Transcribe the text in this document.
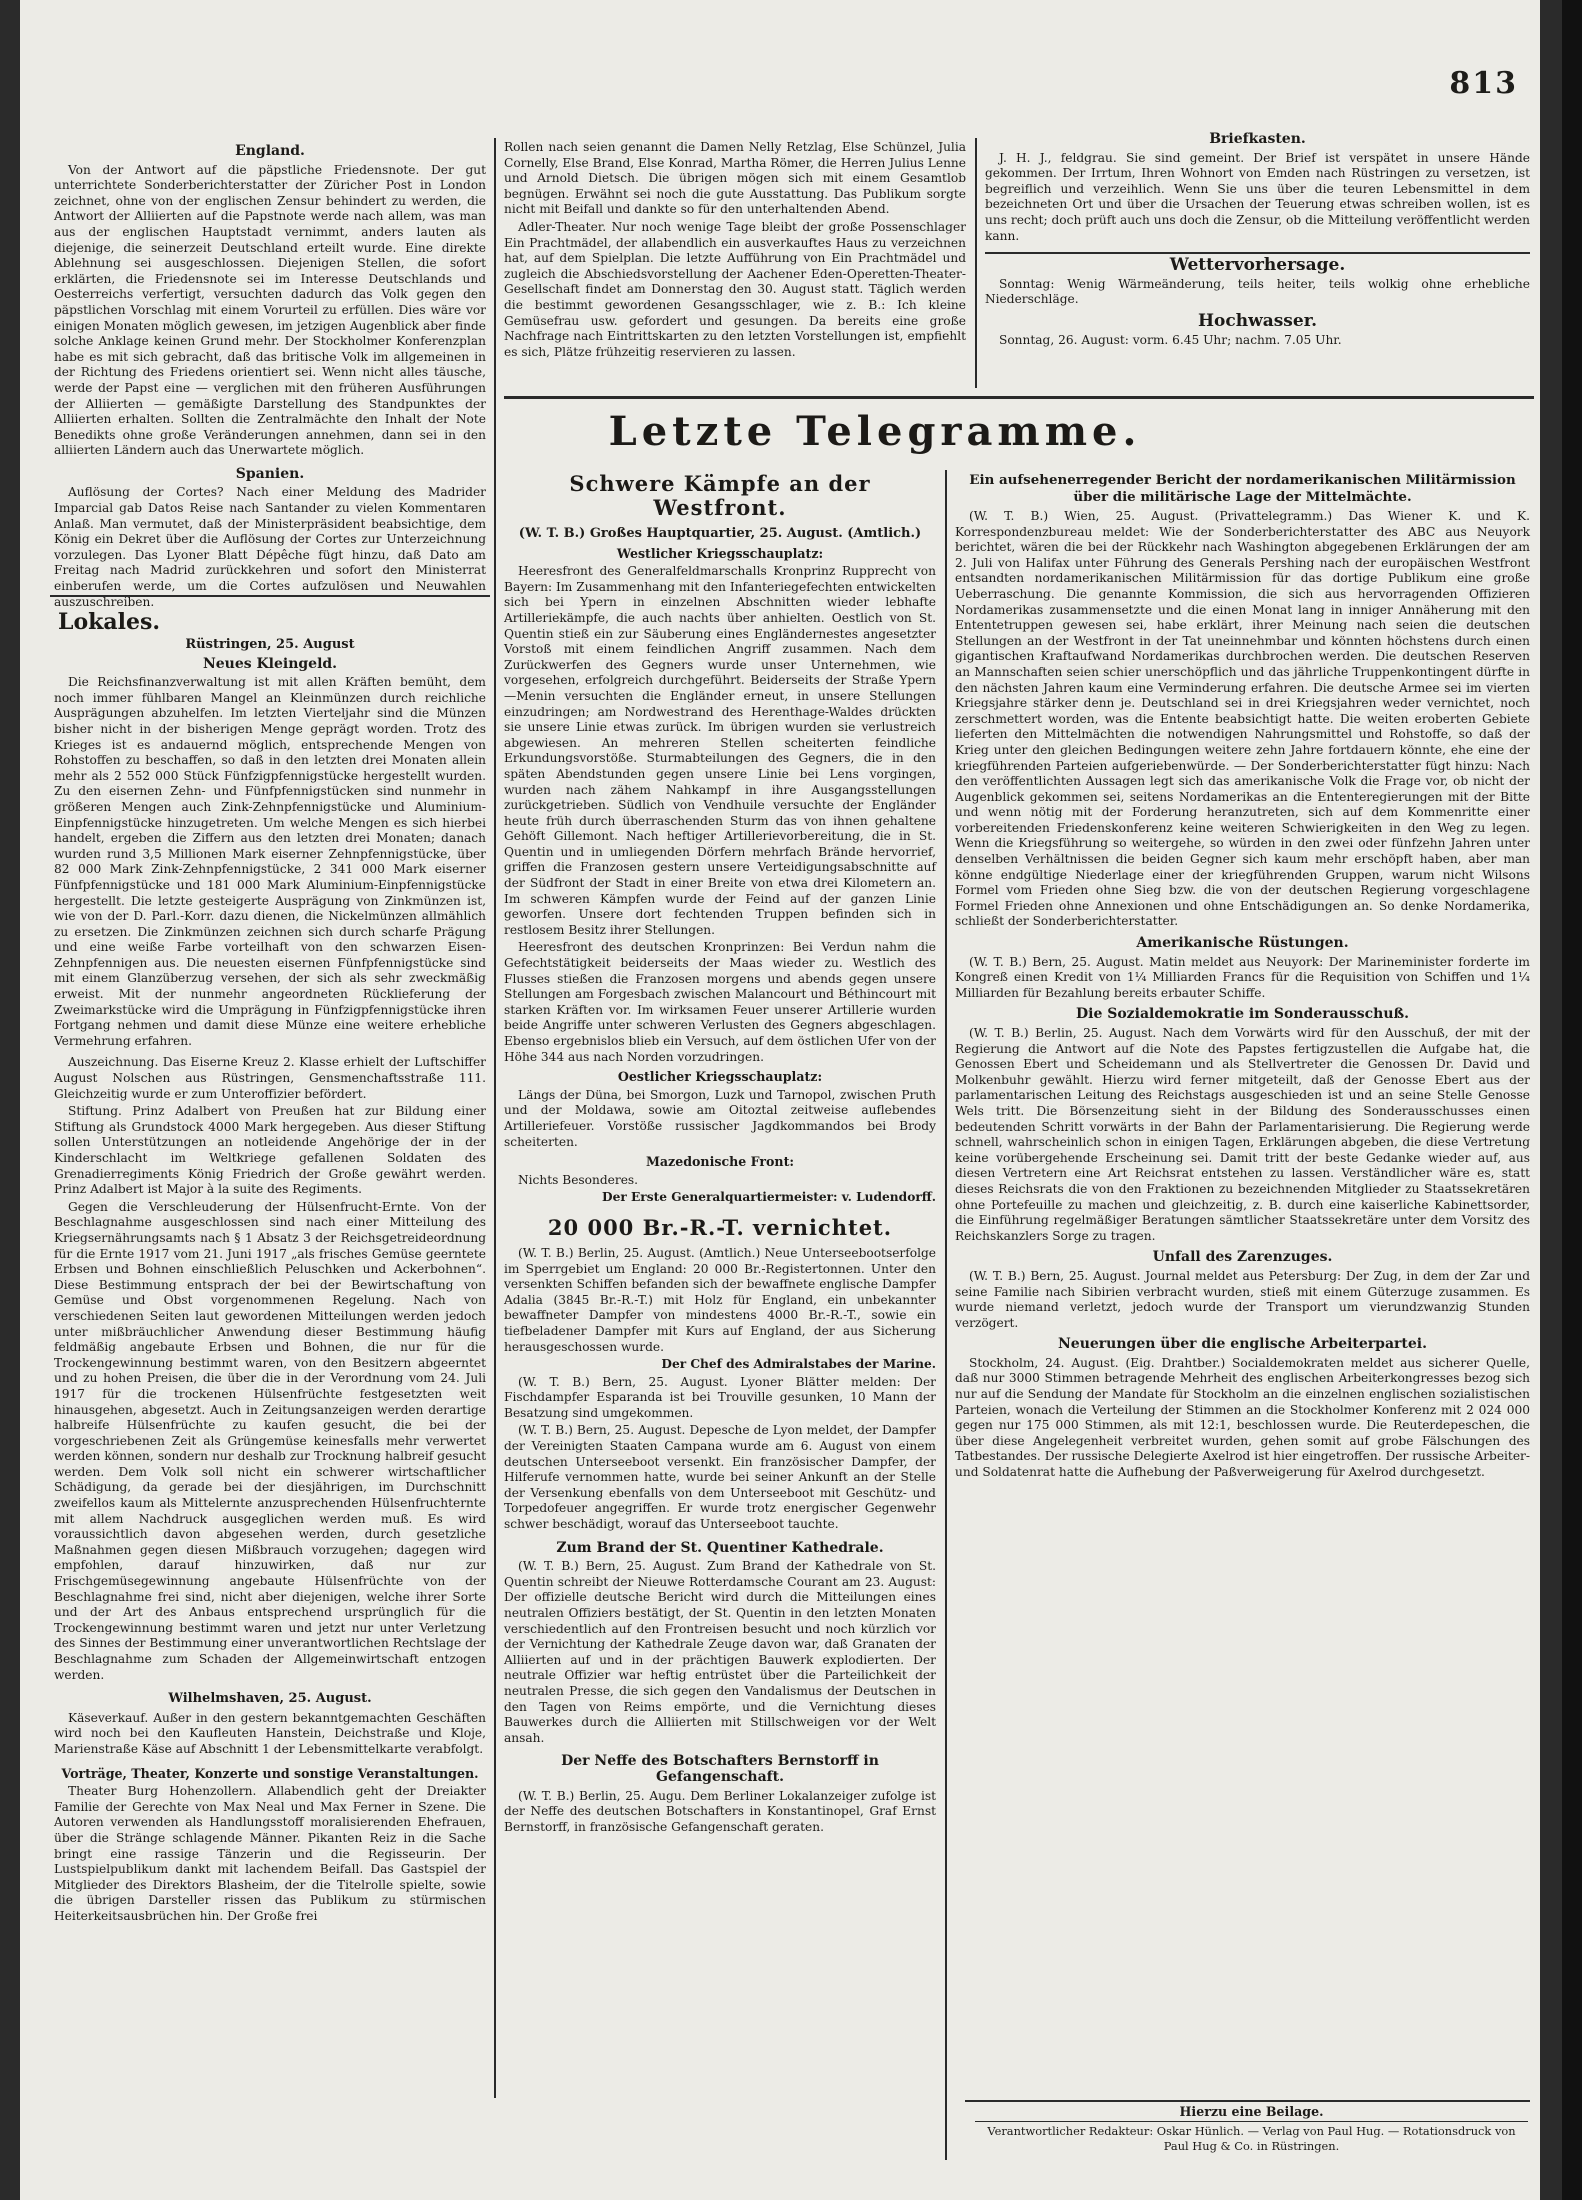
813
England.

Von der Antwort auf die päpstliche Friedensnote. Der gut unterrichtete Sonderberichterstatter der Züricher Post in London zeichnet, ohne von der englischen Zensur behindert zu werden, die Antwort der Alliierten auf die Papstnote werde nach allem, was man aus der englischen Hauptstadt vernimmt, anders lauten als diejenige, die seinerzeit Deutschland erteilt wurde. Eine direkte Ablehnung sei ausgeschlossen. Diejenigen Stellen, die sofort erklärten, die Friedensnote sei im Interesse Deutschlands und Oesterreichs verfertigt, versuchten dadurch das Volk gegen den päpstlichen Vorschlag mit einem Vorurteil zu erfüllen. Dies wäre vor einigen Monaten möglich gewesen, im jetzigen Augenblick aber finde solche Anklage keinen Grund mehr. Der Stockholmer Konferenzplan habe es mit sich gebracht, daß das britische Volk im allgemeinen in der Richtung des Friedens orientiert sei. Wenn nicht alles täusche, werde der Papst eine — verglichen mit den früheren Ausführungen der Alliierten — gemäßigte Darstellung des Standpunktes der Alliierten erhalten. Sollten die Zentralmächte den Inhalt der Note Benedikts ohne große Veränderungen annehmen, dann sei in den alliierten Ländern auch das Unerwartete möglich.

Spanien.

Auflösung der Cortes? Nach einer Meldung des Madrider Imparcial gab Datos Reise nach Santander zu vielen Kommentaren Anlaß. Man vermutet, daß der Ministerpräsident beabsichtige, dem König ein Dekret über die Auflösung der Cortes zur Unterzeichnung vorzulegen. Das Lyoner Blatt Dépêche fügt hinzu, daß Dato am Freitag nach Madrid zurückkehren und sofort den Ministerrat einberufen werde, um die Cortes aufzulösen und Neuwahlen auszuschreiben.

Lokales.
Rüstringen, 25. August
Neues Kleingeld.

Die Reichsfinanzverwaltung ist mit allen Kräften bemüht, dem noch immer fühlbaren Mangel an Kleinmünzen durch reichliche Ausprägungen abzuhelfen. Im letzten Vierteljahr sind die Münzen bisher nicht in der bisherigen Menge geprägt worden. Trotz des Krieges ist es andauernd möglich, entsprechende Mengen von Rohstoffen zu beschaffen, so daß in den letzten drei Monaten allein mehr als 2 552 000 Stück Fünfzigpfennigstücke hergestellt wurden. Zu den eisernen Zehn- und Fünfpfennigstücken sind nunmehr in größeren Mengen auch Zink-Zehnpfennigstücke und Aluminium-Einpfennigstücke hinzugetreten. Um welche Mengen es sich hierbei handelt, ergeben die Ziffern aus den letzten drei Monaten; danach wurden rund 3,5 Millionen Mark eiserner Zehnpfennigstücke, über 82 000 Mark Zink-Zehnpfennigstücke, 2 341 000 Mark eiserner Fünfpfennigstücke und 181 000 Mark Aluminium-Einpfennigstücke hergestellt. Die letzte gesteigerte Ausprägung von Zinkmünzen ist, wie von der D. Parl.-Korr. dazu dienen, die Nickelmünzen allmählich zu ersetzen. Die Zinkmünzen zeichnen sich durch scharfe Prägung und eine weiße Farbe vorteilhaft von den schwarzen Eisen-Zehnpfennigen aus. Die neuesten eisernen Fünfpfennigstücke sind mit einem Glanzüberzug versehen, der sich als sehr zweckmäßig erweist. Mit der nunmehr angeordneten Rücklieferung der Zweimarkstücke wird die Umprägung in Fünfzigpfennigstücke ihren Fortgang nehmen und damit diese Münze eine weitere erhebliche Vermehrung erfahren.

Auszeichnung. Das Eiserne Kreuz 2. Klasse erhielt der Luftschiffer August Nolschen aus Rüstringen, Gensmenchaftsstraße 111. Gleichzeitig wurde er zum Unteroffizier befördert.

Stiftung. Prinz Adalbert von Preußen hat zur Bildung einer Stiftung als Grundstock 4000 Mark hergegeben. Aus dieser Stiftung sollen Unterstützungen an notleidende Angehörige der in der Kinderschlacht im Weltkriege gefallenen Soldaten des Grenadierregiments König Friedrich der Große gewährt werden. Prinz Adalbert ist Major à la suite des Regiments.

Gegen die Verschleuderung der Hülsenfrucht-Ernte. Von der Beschlagnahme ausgeschlossen sind nach einer Mitteilung des Kriegsernährungsamts nach § 1 Absatz 3 der Reichsgetreideordnung für die Ernte 1917 vom 21. Juni 1917 „als frisches Gemüse geerntete Erbsen und Bohnen einschließlich Peluschken und Ackerbohnen“. Diese Bestimmung entsprach der bei der Bewirtschaftung von Gemüse und Obst vorgenommenen Regelung. Nach von verschiedenen Seiten laut gewordenen Mitteilungen werden jedoch unter mißbräuchlicher Anwendung dieser Bestimmung häufig feldmäßig angebaute Erbsen und Bohnen, die nur für die Trockengewinnung bestimmt waren, von den Besitzern abgeerntet und zu hohen Preisen, die über die in der Verordnung vom 24. Juli 1917 für die trockenen Hülsenfrüchte festgesetzten weit hinausgehen, abgesetzt. Auch in Zeitungsanzeigen werden derartige halbreife Hülsenfrüchte zu kaufen gesucht, die bei der vorgeschriebenen Zeit als Grüngemüse keinesfalls mehr verwertet werden können, sondern nur deshalb zur Trocknung halbreif gesucht werden. Dem Volk soll nicht ein schwerer wirtschaftlicher Schädigung, da gerade bei der diesjährigen, im Durchschnitt zweifellos kaum als Mittelernte anzusprechenden Hülsenfruchternte mit allem Nachdruck ausgeglichen werden muß. Es wird voraussichtlich davon abgesehen werden, durch gesetzliche Maßnahmen gegen diesen Mißbrauch vorzugehen; dagegen wird empfohlen, darauf hinzuwirken, daß nur zur Frischgemüsegewinnung angebaute Hülsenfrüchte von der Beschlagnahme frei sind, nicht aber diejenigen, welche ihrer Sorte und der Art des Anbaus entsprechend ursprünglich für die Trockengewinnung bestimmt waren und jetzt nur unter Verletzung des Sinnes der Bestimmung einer unverantwortlichen Rechtslage der Beschlagnahme zum Schaden der Allgemeinwirtschaft entzogen werden.

Wilhelmshaven, 25. August.

Käseverkauf. Außer in den gestern bekanntgemachten Geschäften wird noch bei den Kaufleuten Hanstein, Deichstraße und Kloje, Marienstraße Käse auf Abschnitt 1 der Lebensmittelkarte verabfolgt.

Vorträge, Theater, Konzerte und sonstige Veranstaltungen.

Theater Burg Hohenzollern. Allabendlich geht der Dreiakter Familie der Gerechte von Max Neal und Max Ferner in Szene. Die Autoren verwenden als Handlungsstoff moralisierenden Ehefrauen, über die Stränge schlagende Männer. Pikanten Reiz in die Sache bringt eine rassige Tänzerin und die Regisseurin. Der Lustspielpublikum dankt mit lachendem Beifall. Das Gastspiel der Mitglieder des Direktors Blasheim, der die Titelrolle spielte, sowie die übrigen Darsteller rissen das Publikum zu stürmischen Heiterkeitsausbrüchen hin. Der Große frei

Rollen nach seien genannt die Damen Nelly Retzlag, Else Schünzel, Julia Cornelly, Else Brand, Else Konrad, Martha Römer, die Herren Julius Lenne und Arnold Dietsch. Die übrigen mögen sich mit einem Gesamtlob begnügen. Erwähnt sei noch die gute Ausstattung. Das Publikum sorgte nicht mit Beifall und dankte so für den unterhaltenden Abend.

Adler-Theater. Nur noch wenige Tage bleibt der große Possenschlager Ein Prachtmädel, der allabendlich ein ausverkauftes Haus zu verzeichnen hat, auf dem Spielplan. Die letzte Aufführung von Ein Prachtmädel und zugleich die Abschiedsvorstellung der Aachener Eden-Operetten-Theater-Gesellschaft findet am Donnerstag den 30. August statt. Täglich werden die bestimmt gewordenen Gesangsschlager, wie z. B.: Ich kleine Gemüsefrau usw. gefordert und gesungen. Da bereits eine große Nachfrage nach Eintrittskarten zu den letzten Vorstellungen ist, empfiehlt es sich, Plätze frühzeitig reservieren zu lassen.

Briefkasten.

J. H. J., feldgrau. Sie sind gemeint. Der Brief ist verspätet in unsere Hände gekommen. Der Irrtum, Ihren Wohnort von Emden nach Rüstringen zu versetzen, ist begreiflich und verzeihlich. Wenn Sie uns über die teuren Lebensmittel in dem bezeichneten Ort und über die Ursachen der Teuerung etwas schreiben wollen, ist es uns recht; doch prüft auch uns doch die Zensur, ob die Mitteilung veröffentlicht werden kann.

Wettervorhersage.

Sonntag: Wenig Wärmeänderung, teils heiter, teils wolkig ohne erhebliche Niederschläge.

Hochwasser.

Sonntag, 26. August: vorm. 6.45 Uhr; nachm. 7.05 Uhr.

Letzte Telegramme.
Schwere Kämpfe an der Westfront.
(W. T. B.) Großes Hauptquartier, 25. August. (Amtlich.)
Westlicher Kriegsschauplatz:

Heeresfront des Generalfeldmarschalls Kronprinz Rupprecht von Bayern: Im Zusammenhang mit den Infanteriegefechten entwickelten sich bei Ypern in einzelnen Abschnitten wieder lebhafte Artilleriekämpfe, die auch nachts über anhielten. Oestlich von St. Quentin stieß ein zur Säuberung eines Engländernestes angesetzter Vorstoß mit einem feindlichen Angriff zusammen. Nach dem Zurückwerfen des Gegners wurde unser Unternehmen, wie vorgesehen, erfolgreich durchgeführt. Beiderseits der Straße Ypern—Menin versuchten die Engländer erneut, in unsere Stellungen einzudringen; am Nordwestrand des Herenthage-Waldes drückten sie unsere Linie etwas zurück. Im übrigen wurden sie verlustreich abgewiesen. An mehreren Stellen scheiterten feindliche Erkundungsvorstöße. Sturmabteilungen des Gegners, die in den späten Abendstunden gegen unsere Linie bei Lens vorgingen, wurden nach zähem Nahkampf in ihre Ausgangsstellungen zurückgetrieben. Südlich von Vendhuile versuchte der Engländer heute früh durch überraschenden Sturm das von ihnen gehaltene Gehöft Gillemont. Nach heftiger Artillerievorbereitung, die in St. Quentin und in umliegenden Dörfern mehrfach Brände hervorrief, griffen die Franzosen gestern unsere Verteidigungsabschnitte auf der Südfront der Stadt in einer Breite von etwa drei Kilometern an. Im schweren Kämpfen wurde der Feind auf der ganzen Linie geworfen. Unsere dort fechtenden Truppen befinden sich in restlosem Besitz ihrer Stellungen.

Heeresfront des deutschen Kronprinzen: Bei Verdun nahm die Gefechtstätigkeit beiderseits der Maas wieder zu. Westlich des Flusses stießen die Franzosen morgens und abends gegen unsere Stellungen am Forgesbach zwischen Malancourt und Béthincourt mit starken Kräften vor. Im wirksamen Feuer unserer Artillerie wurden beide Angriffe unter schweren Verlusten des Gegners abgeschlagen. Ebenso ergebnislos blieb ein Versuch, auf dem östlichen Ufer von der Höhe 344 aus nach Norden vorzudringen.

Oestlicher Kriegsschauplatz:

Längs der Düna, bei Smorgon, Luzk und Tarnopol, zwischen Pruth und der Moldawa, sowie am Oitoztal zeitweise auflebendes Artilleriefeuer. Vorstöße russischer Jagdkommandos bei Brody scheiterten.

Mazedonische Front:

Nichts Besonderes.

Der Erste Generalquartiermeister: v. Ludendorff.

20 000 Br.-R.-T. vernichtet.

(W. T. B.) Berlin, 25. August. (Amtlich.) Neue Unterseebootserfolge im Sperrgebiet um England: 20 000 Br.-Registertonnen. Unter den versenkten Schiffen befanden sich der bewaffnete englische Dampfer Adalia (3845 Br.-R.-T.) mit Holz für England, ein unbekannter bewaffneter Dampfer von mindestens 4000 Br.-R.-T., sowie ein tiefbeladener Dampfer mit Kurs auf England, der aus Sicherung herausgeschossen wurde.

Der Chef des Admiralstabes der Marine.

(W. T. B.) Bern, 25. August. Lyoner Blätter melden: Der Fischdampfer Esparanda ist bei Trouville gesunken, 10 Mann der Besatzung sind umgekommen.

(W. T. B.) Bern, 25. August. Depesche de Lyon meldet, der Dampfer der Vereinigten Staaten Campana wurde am 6. August von einem deutschen Unterseeboot versenkt. Ein französischer Dampfer, der Hilferufe vernommen hatte, wurde bei seiner Ankunft an der Stelle der Versenkung ebenfalls von dem Unterseeboot mit Geschütz- und Torpedofeuer angegriffen. Er wurde trotz energischer Gegenwehr schwer beschädigt, worauf das Unterseeboot tauchte.

Zum Brand der St. Quentiner Kathedrale.

(W. T. B.) Bern, 25. August. Zum Brand der Kathedrale von St. Quentin schreibt der Nieuwe Rotterdamsche Courant am 23. August: Der offizielle deutsche Bericht wird durch die Mitteilungen eines neutralen Offiziers bestätigt, der St. Quentin in den letzten Monaten verschiedentlich auf den Frontreisen besucht und noch kürzlich vor der Vernichtung der Kathedrale Zeuge davon war, daß Granaten der Alliierten auf und in der prächtigen Bauwerk explodierten. Der neutrale Offizier war heftig entrüstet über die Parteilichkeit der neutralen Presse, die sich gegen den Vandalismus der Deutschen in den Tagen von Reims empörte, und die Vernichtung dieses Bauwerkes durch die Alliierten mit Stillschweigen vor der Welt ansah.

Der Neffe des Botschafters Bernstorff in Gefangenschaft.

(W. T. B.) Berlin, 25. Augu. Dem Berliner Lokalanzeiger zufolge ist der Neffe des deutschen Botschafters in Konstantinopel, Graf Ernst Bernstorff, in französische Gefangenschaft geraten.

Ein aufsehenerregender Bericht der nordamerikanischen Militärmission über die militärische Lage der Mittelmächte.

(W. T. B.) Wien, 25. August. (Privattelegramm.) Das Wiener K. und K. Korrespondenzbureau meldet: Wie der Sonderberichterstatter des ABC aus Neuyork berichtet, wären die bei der Rückkehr nach Washington abgegebenen Erklärungen der am 2. Juli von Halifax unter Führung des Generals Pershing nach der europäischen Westfront entsandten nordamerikanischen Militärmission für das dortige Publikum eine große Ueberraschung. Die genannte Kommission, die sich aus hervorragenden Offizieren Nordamerikas zusammensetzte und die einen Monat lang in inniger Annäherung mit den Ententetruppen gewesen sei, habe erklärt, ihrer Meinung nach seien die deutschen Stellungen an der Westfront in der Tat uneinnehmbar und könnten höchstens durch einen gigantischen Kraftaufwand Nordamerikas durchbrochen werden. Die deutschen Reserven an Mannschaften seien schier unerschöpflich und das jährliche Truppenkontingent dürfte in den nächsten Jahren kaum eine Verminderung erfahren. Die deutsche Armee sei im vierten Kriegsjahre stärker denn je. Deutschland sei in drei Kriegsjahren weder vernichtet, noch zerschmettert worden, was die Entente beabsichtigt hatte. Die weiten eroberten Gebiete lieferten den Mittelmächten die notwendigen Nahrungsmittel und Rohstoffe, so daß der Krieg unter den gleichen Bedingungen weitere zehn Jahre fortdauern könnte, ehe eine der kriegführenden Parteien aufgeriebenwürde. — Der Sonderberichterstatter fügt hinzu: Nach den veröffentlichten Aussagen legt sich das amerikanische Volk die Frage vor, ob nicht der Augenblick gekommen sei, seitens Nordamerikas an die Ententeregierungen mit der Bitte und wenn nötig mit der Forderung heranzutreten, sich auf dem Kommenritte einer vorbereitenden Friedenskonferenz keine weiteren Schwierigkeiten in den Weg zu legen. Wenn die Kriegsführung so weitergehe, so würden in den zwei oder fünfzehn Jahren unter denselben Verhältnissen die beiden Gegner sich kaum mehr erschöpft haben, aber man könne endgültige Niederlage einer der kriegführenden Gruppen, warum nicht Wilsons Formel vom Frieden ohne Sieg bzw. die von der deutschen Regierung vorgeschlagene Formel Frieden ohne Annexionen und ohne Entschädigungen an. So denke Nordamerika, schließt der Sonderberichterstatter.

Amerikanische Rüstungen.

(W. T. B.) Bern, 25. August. Matin meldet aus Neuyork: Der Marineminister forderte im Kongreß einen Kredit von 1¼ Milliarden Francs für die Requisition von Schiffen und 1¼ Milliarden für Bezahlung bereits erbauter Schiffe.

Die Sozialdemokratie im Sonderausschuß.

(W. T. B.) Berlin, 25. August. Nach dem Vorwärts wird für den Ausschuß, der mit der Regierung die Antwort auf die Note des Papstes fertigzustellen die Aufgabe hat, die Genossen Ebert und Scheidemann und als Stellvertreter die Genossen Dr. David und Molkenbuhr gewählt. Hierzu wird ferner mitgeteilt, daß der Genosse Ebert aus der parlamentarischen Leitung des Reichstags ausgeschieden ist und an seine Stelle Genosse Wels tritt. Die Börsenzeitung sieht in der Bildung des Sonderausschusses einen bedeutenden Schritt vorwärts in der Bahn der Parlamentarisierung. Die Regierung werde schnell, wahrscheinlich schon in einigen Tagen, Erklärungen abgeben, die diese Vertretung keine vorübergehende Erscheinung sei. Damit tritt der beste Gedanke wieder auf, aus diesen Vertretern eine Art Reichsrat entstehen zu lassen. Verständlicher wäre es, statt dieses Reichsrats die von den Fraktionen zu bezeichnenden Mitglieder zu Staatssekretären ohne Portefeuille zu machen und gleichzeitig, z. B. durch eine kaiserliche Kabinettsorder, die Einführung regelmäßiger Beratungen sämtlicher Staatssekretäre unter dem Vorsitz des Reichskanzlers Sorge zu tragen.

Unfall des Zarenzuges.

(W. T. B.) Bern, 25. August. Journal meldet aus Petersburg: Der Zug, in dem der Zar und seine Familie nach Sibirien verbracht wurden, stieß mit einem Güterzuge zusammen. Es wurde niemand verletzt, jedoch wurde der Transport um vierundzwanzig Stunden verzögert.

Neuerungen über die englische Arbeiterpartei.

Stockholm, 24. August. (Eig. Drahtber.) Socialdemokraten meldet aus sicherer Quelle, daß nur 3000 Stimmen betragende Mehrheit des englischen Arbeiterkongresses bezog sich nur auf die Sendung der Mandate für Stockholm an die einzelnen englischen sozialistischen Parteien, wonach die Verteilung der Stimmen an die Stockholmer Konferenz mit 2 024 000 gegen nur 175 000 Stimmen, als mit 12:1, beschlossen wurde. Die Reuterdepeschen, die über diese Angelegenheit verbreitet wurden, gehen somit auf grobe Fälschungen des Tatbestandes. Der russische Delegierte Axelrod ist hier eingetroffen. Der russische Arbeiter- und Soldatenrat hatte die Aufhebung der Paßverweigerung für Axelrod durchgesetzt.

Hierzu eine Beilage.
Verantwortlicher Redakteur: Oskar Hünlich. — Verlag von Paul Hug. — Rotationsdruck von Paul Hug & Co. in Rüstringen.
